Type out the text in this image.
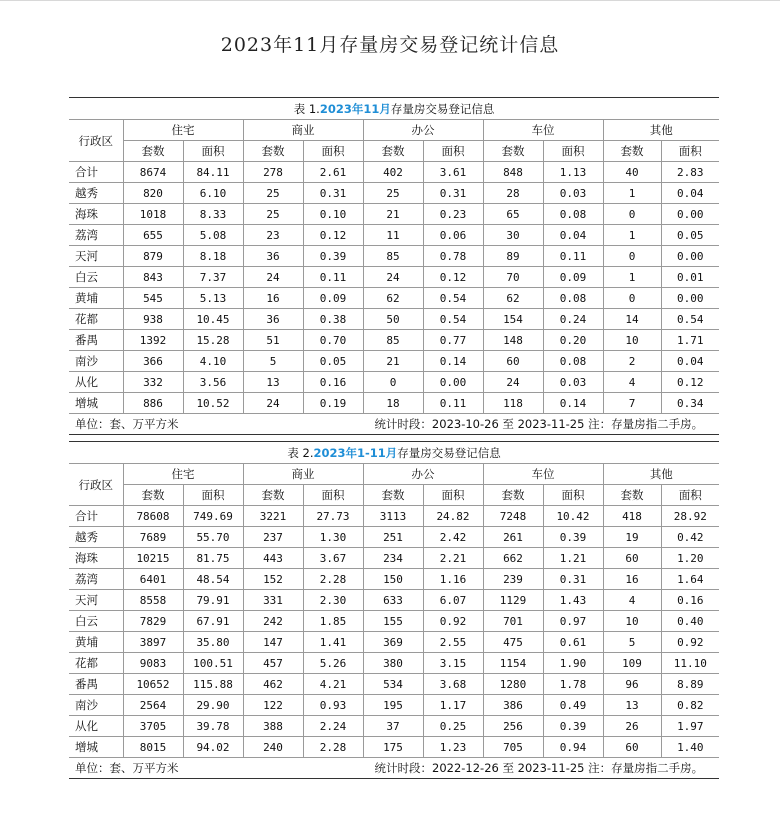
2023年11月存量房交易登记统计信息
表 1.2023年11月存量房交易登记信息										
行政区	住宅		商业		办公		车位		其他	
	套数	面积	套数	面积	套数	面积	套数	面积	套数	面积
合计	8674	84.11	278	2.61	402	3.61	848	1.13	40	2.83
越秀	820	6.10	25	0.31	25	0.31	28	0.03	1	0.04
海珠	1018	8.33	25	0.10	21	0.23	65	0.08	0	0.00
荔湾	655	5.08	23	0.12	11	0.06	30	0.04	1	0.05
天河	879	8.18	36	0.39	85	0.78	89	0.11	0	0.00
白云	843	7.37	24	0.11	24	0.12	70	0.09	1	0.01
黄埔	545	5.13	16	0.09	62	0.54	62	0.08	0	0.00
花都	938	10.45	36	0.38	50	0.54	154	0.24	14	0.54
番禺	1392	15.28	51	0.70	85	0.77	148	0.20	10	1.71
南沙	366	4.10	5	0.05	21	0.14	60	0.08	2	0.04
从化	332	3.56	13	0.16	0	0.00	24	0.03	4	0.12
增城	886	10.52	24	0.19	18	0.11	118	0.14	7	0.34

单位：套、万平方米 统计时段：2023-10-26 至 2023-11-25 注：存量房指二手房。										
表 2.2023年1-11月存量房交易登记信息										
行政区	住宅		商业		办公		车位		其他	
	套数	面积	套数	面积	套数	面积	套数	面积	套数	面积
合计	78608	749.69	3221	27.73	3113	24.82	7248	10.42	418	28.92
越秀	7689	55.70	237	1.30	251	2.42	261	0.39	19	0.42
海珠	10215	81.75	443	3.67	234	2.21	662	1.21	60	1.20
荔湾	6401	48.54	152	2.28	150	1.16	239	0.31	16	1.64
天河	8558	79.91	331	2.30	633	6.07	1129	1.43	4	0.16
白云	7829	67.91	242	1.85	155	0.92	701	0.97	10	0.40
黄埔	3897	35.80	147	1.41	369	2.55	475	0.61	5	0.92
花都	9083	100.51	457	5.26	380	3.15	1154	1.90	109	11.10
番禺	10652	115.88	462	4.21	534	3.68	1280	1.78	96	8.89
南沙	2564	29.90	122	0.93	195	1.17	386	0.49	13	0.82
从化	3705	39.78	388	2.24	37	0.25	256	0.39	26	1.97
增城	8015	94.02	240	2.28	175	1.23	705	0.94	60	1.40

单位：套、万平方米 统计时段：2022-12-26 至 2023-11-25 注：存量房指二手房。										
